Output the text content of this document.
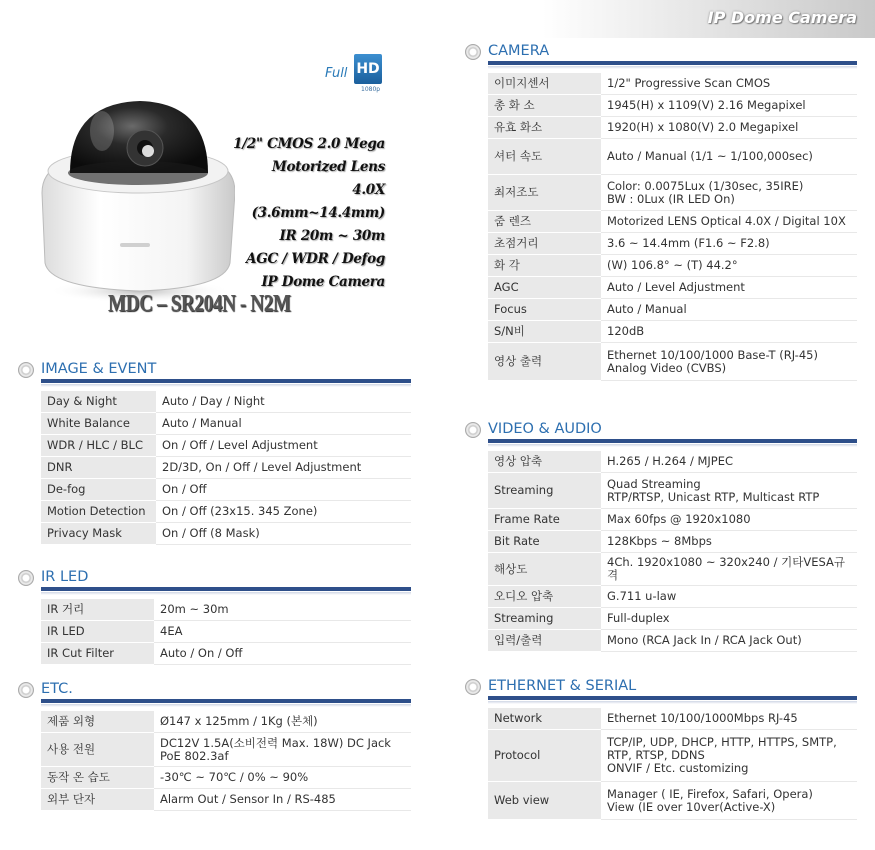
IP Dome Camera
Full HD
1080p
1/2" CMOS 2.0 Mega
Motorized Lens
4.0X (3.6mm~14.4mm)
IR 20m ~ 30m
AGC / WDR / Defog
IP Dome Camera
MDC – SR204N - N2M
IMAGE & EVENT
Day & Night	Auto / Day / Night
White Balance	Auto / Manual
WDR / HLC / BLC	On / Off / Level Adjustment
DNR	2D/3D, On / Off / Level Adjustment
De-fog	On / Off
Motion Detection	On / Off (23x15. 345 Zone)
Privacy Mask	On / Off (8 Mask)
IR LED
IR 거리	20m ~ 30m
IR LED	4EA
IR Cut Filter	Auto / On / Off
ETC.
제품 외형	Ø147 x 125mm / 1Kg (본체)
사용 전원	DC12V 1.5A(소비전력 Max. 18W) DC Jack
PoE 802.3af
동작 온 습도	-30℃ ~ 70℃ / 0% ~ 90%
외부 단자	Alarm Out / Sensor In / RS-485
CAMERA
이미지센서	1/2" Progressive Scan CMOS
총 화 소	1945(H) x 1109(V) 2.16 Megapixel
유효 화소	1920(H) x 1080(V) 2.0 Megapixel
셔터 속도	Auto / Manual (1/1 ~ 1/100,000sec)
최저조도	Color: 0.0075Lux (1/30sec, 35IRE)
BW : 0Lux (IR LED On)
줌 렌즈	Motorized LENS Optical 4.0X / Digital 10X
초점거리	3.6 ~ 14.4mm (F1.6 ~ F2.8)
화 각	(W) 106.8° ~ (T) 44.2°
AGC	Auto / Level Adjustment
Focus	Auto / Manual
S/N비	120dB
영상 출력	Ethernet 10/100/1000 Base-T (RJ-45)
Analog Video (CVBS)
VIDEO & AUDIO
영상 압축	H.265 / H.264 / MJPEC
Streaming	Quad Streaming
RTP/RTSP, Unicast RTP, Multicast RTP
Frame Rate	Max 60fps @ 1920x1080
Bit Rate	128Kbps ~ 8Mbps
해상도	4Ch. 1920x1080 ~ 320x240 / 기타VESA규격
오디오 압축	G.711 u-law
Streaming	Full-duplex
입력/출력	Mono (RCA Jack In / RCA Jack Out)
ETHERNET & SERIAL
Network	Ethernet 10/100/1000Mbps RJ-45
Protocol	TCP/IP, UDP, DHCP, HTTP, HTTPS, SMTP,
RTP, RTSP, DDNS
ONVIF / Etc. customizing
Web view	Manager ( IE, Firefox, Safari, Opera)
View (IE over 10ver(Active-X)
